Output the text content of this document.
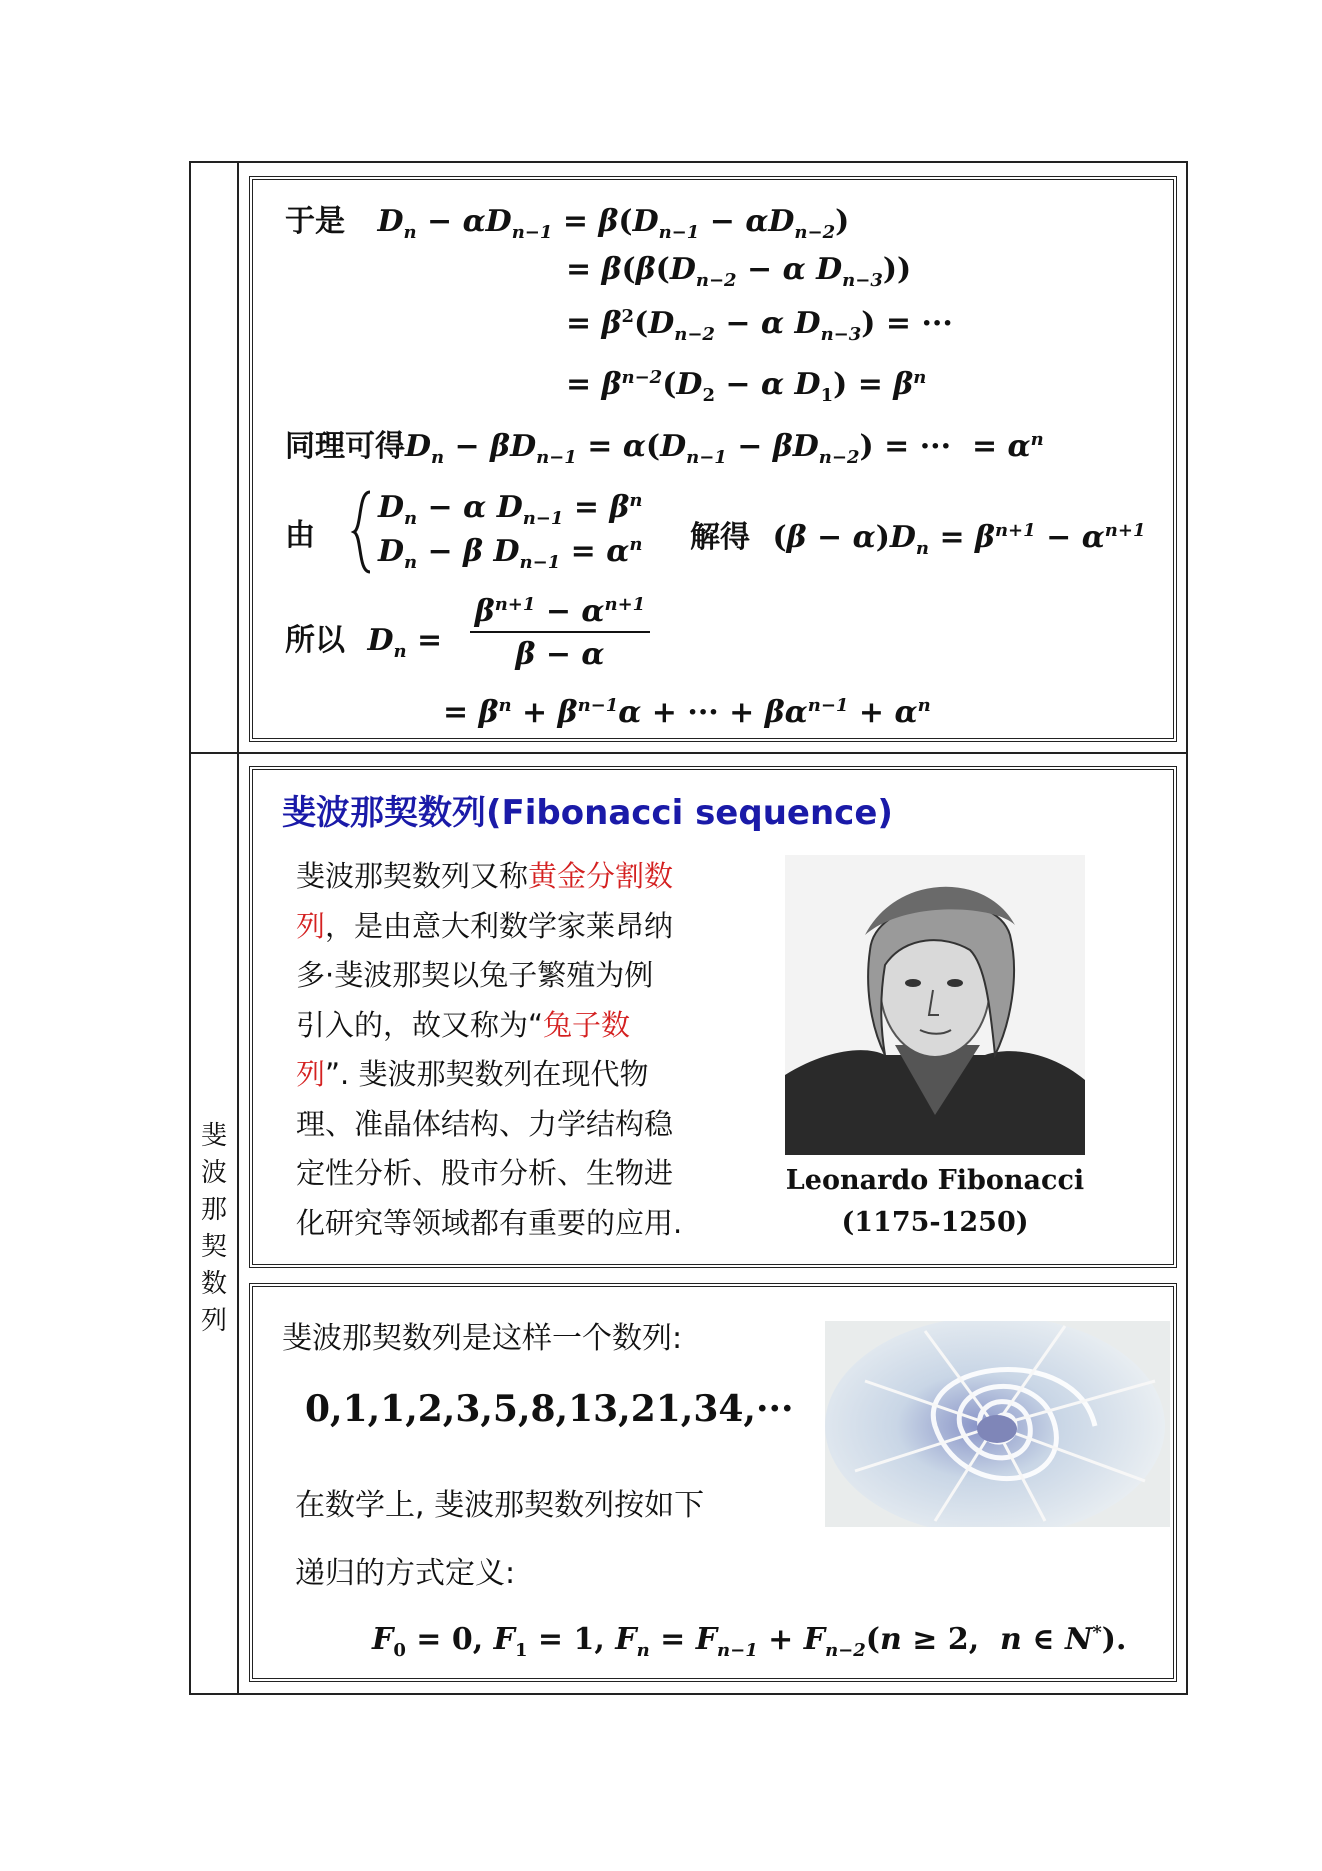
斐
波
那
契
数
列
于是 $D_n - \alpha D_{n-1} = \beta(D_{n-1} - \alpha D_{n-2})$
= $\beta(\beta(D_{n-2} - \alpha$ $D_{n-3}$))
= $\beta^2(D_{n-2} - \alpha$ $D_{n-3}$) = ···
= $\beta^{n-2}(D_2 - \alpha$ $D_1) = \beta^n$
同理可得$D_n - \beta D_{n-1} = \alpha(D_{n-1} - \beta D_{n-2})$ = ···  = $\alpha^n$
由
$D_n - \alpha$ $D_{n-1} = \beta^n$
$D_n - \beta$ $D_{n-1} = \alpha^n$ 解得 $(\beta - \alpha)D_n = \beta^{n+1} - \alpha^{n+1}$
所以 $D_n$ =
$\beta^{n+1} - \alpha^{n+1}$
β − α
= $\beta^n + \beta^{n-1}\alpha$ + ··· + $\beta\alpha^{n-1} + \alpha^n$
斐波那契数列(Fibonacci sequence)
斐波那契数列又称黄金分割数
列，是由意大利数学家莱昂纳
多·斐波那契以兔子繁殖为例
引入的，故又称为“兔子数
列”. 斐波那契数列在现代物
理、准晶体结构、力学结构稳
定性分析、股市分析、生物进
化研究等领域都有重要的应用.
Leonardo Fibonacci
(1175-1250)
斐波那契数列是这样一个数列:
0,1,1,2,3,5,8,13,21,34,···
在数学上, 斐波那契数列按如下
递归的方式定义:
$F_0 = 0$, $F_1 = 1$, $F_n = F_{n-1} + F_{n-2}(n \ge 2$,  n ∈ N*).
